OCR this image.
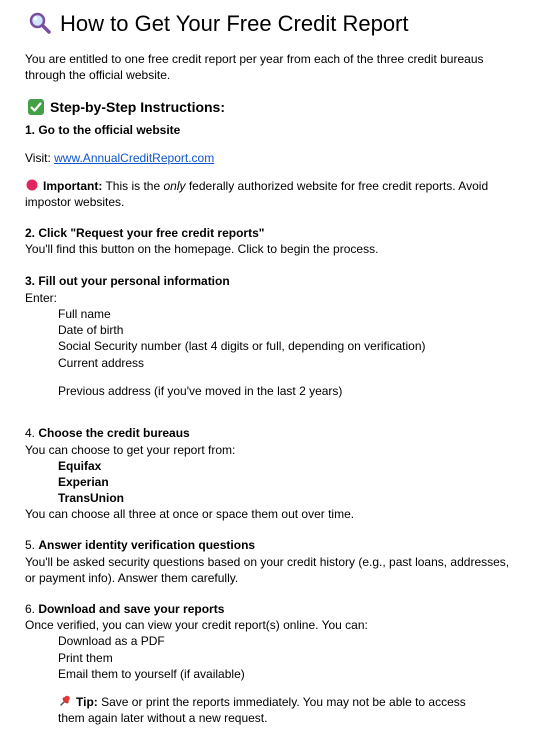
How to Get Your Free Credit Report
You are entitled to one free credit report per year from each of the three credit bureaus
through the official website.
Step-by-Step Instructions:
1. Go to the official website
Visit: www.AnnualCreditReport.com
Important: This is the only federally authorized website for free credit reports. Avoid
impostor websites.
2. Click "Request your free credit reports"
You'll find this button on the homepage. Click to begin the process.
3. Fill out your personal information
Enter:
Full name
Date of birth
Social Security number (last 4 digits or full, depending on verification)
Current address
Previous address (if you've moved in the last 2 years)
4. Choose the credit bureaus
You can choose to get your report from:
Equifax
Experian
TransUnion
You can choose all three at once or space them out over time.
5. Answer identity verification questions
You'll be asked security questions based on your credit history (e.g., past loans, addresses,
or payment info). Answer them carefully.
6. Download and save your reports
Once verified, you can view your credit report(s) online. You can:
Download as a PDF
Print them
Email them to yourself (if available)
Tip: Save or print the reports immediately. You may not be able to access
them again later without a new request.
